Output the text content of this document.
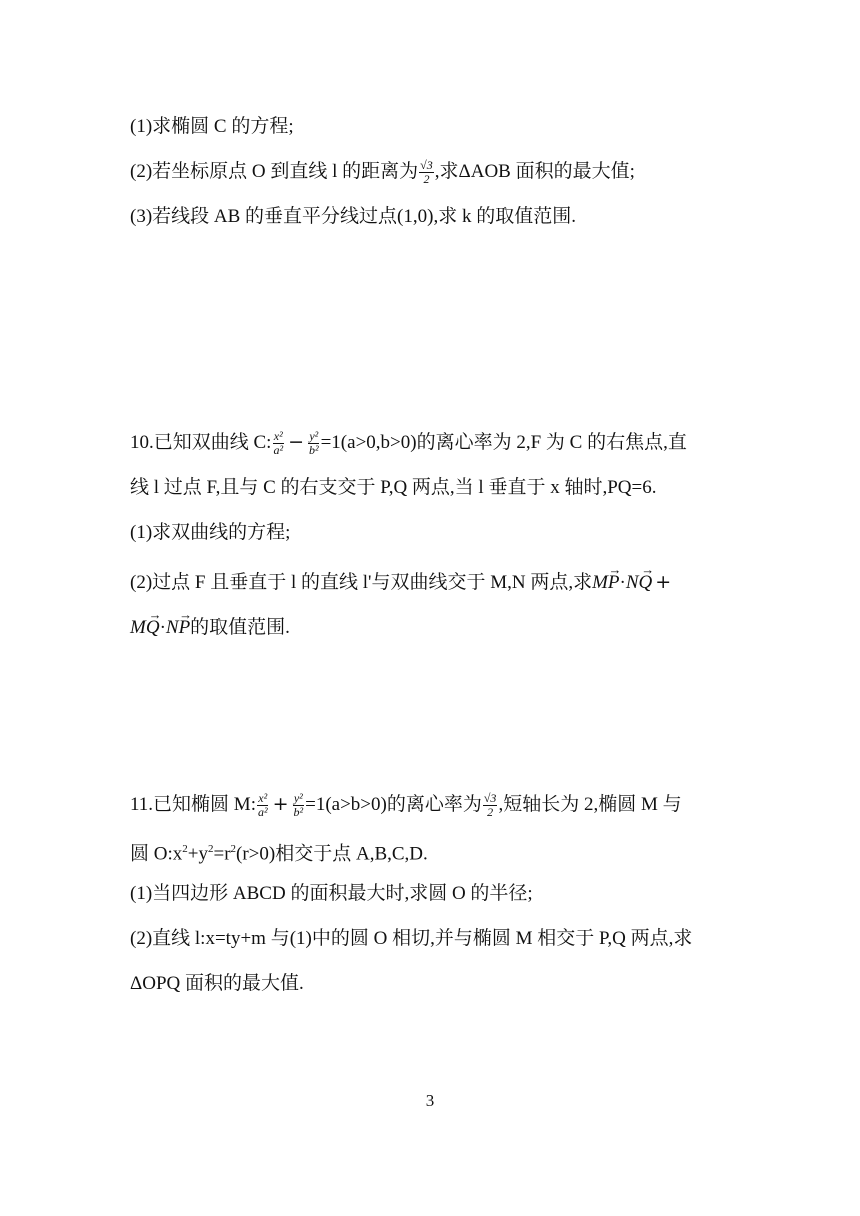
(1)求椭圆 C 的方程;
(2)若坐标原点 O 到直线 l 的距离为 $\frac{√3}{2}$ ,求ΔAOB 面积的最大值;
(3)若线段 AB 的垂直平分线过点(1,0),求 k 的取值范围.
10.已知双曲线 C: $\frac{\text{x²}}{\text{a²}} - \frac{\text{y²}}{\text{b²}} =1(a>0,b>0)$的离心率为 2,F 为 C 的右焦点,直
线 l 过点 F,且与 C 的右支交于 P,Q 两点,当 l 垂直于 x 轴时,PQ=6.
(1)求双曲线的方程;
(2)过点 F 且垂直于 l 的直线 l'与双曲线交于 M,N 两点,求→ MP·→ NQ +
→ MQ·→ NP的取值范围.
11.已知椭圆 M: $\frac{\text{x²}}{\text{a²}} + \frac{\text{y²}}{\text{b²}} =1(a>b>0)$的离心率为 $\frac{√3}{2}$ ,短轴长为 2,椭圆 M 与
圆 $O:x^2+y^2=r^2(r>0)$相交于点 A,B,C,D.
(1)当四边形 ABCD 的面积最大时,求圆 O 的半径;
(2)直线 l:x=ty+m 与(1)中的圆 O 相切,并与椭圆 M 相交于 P,Q 两点,求
ΔOPQ 面积的最大值.
3
